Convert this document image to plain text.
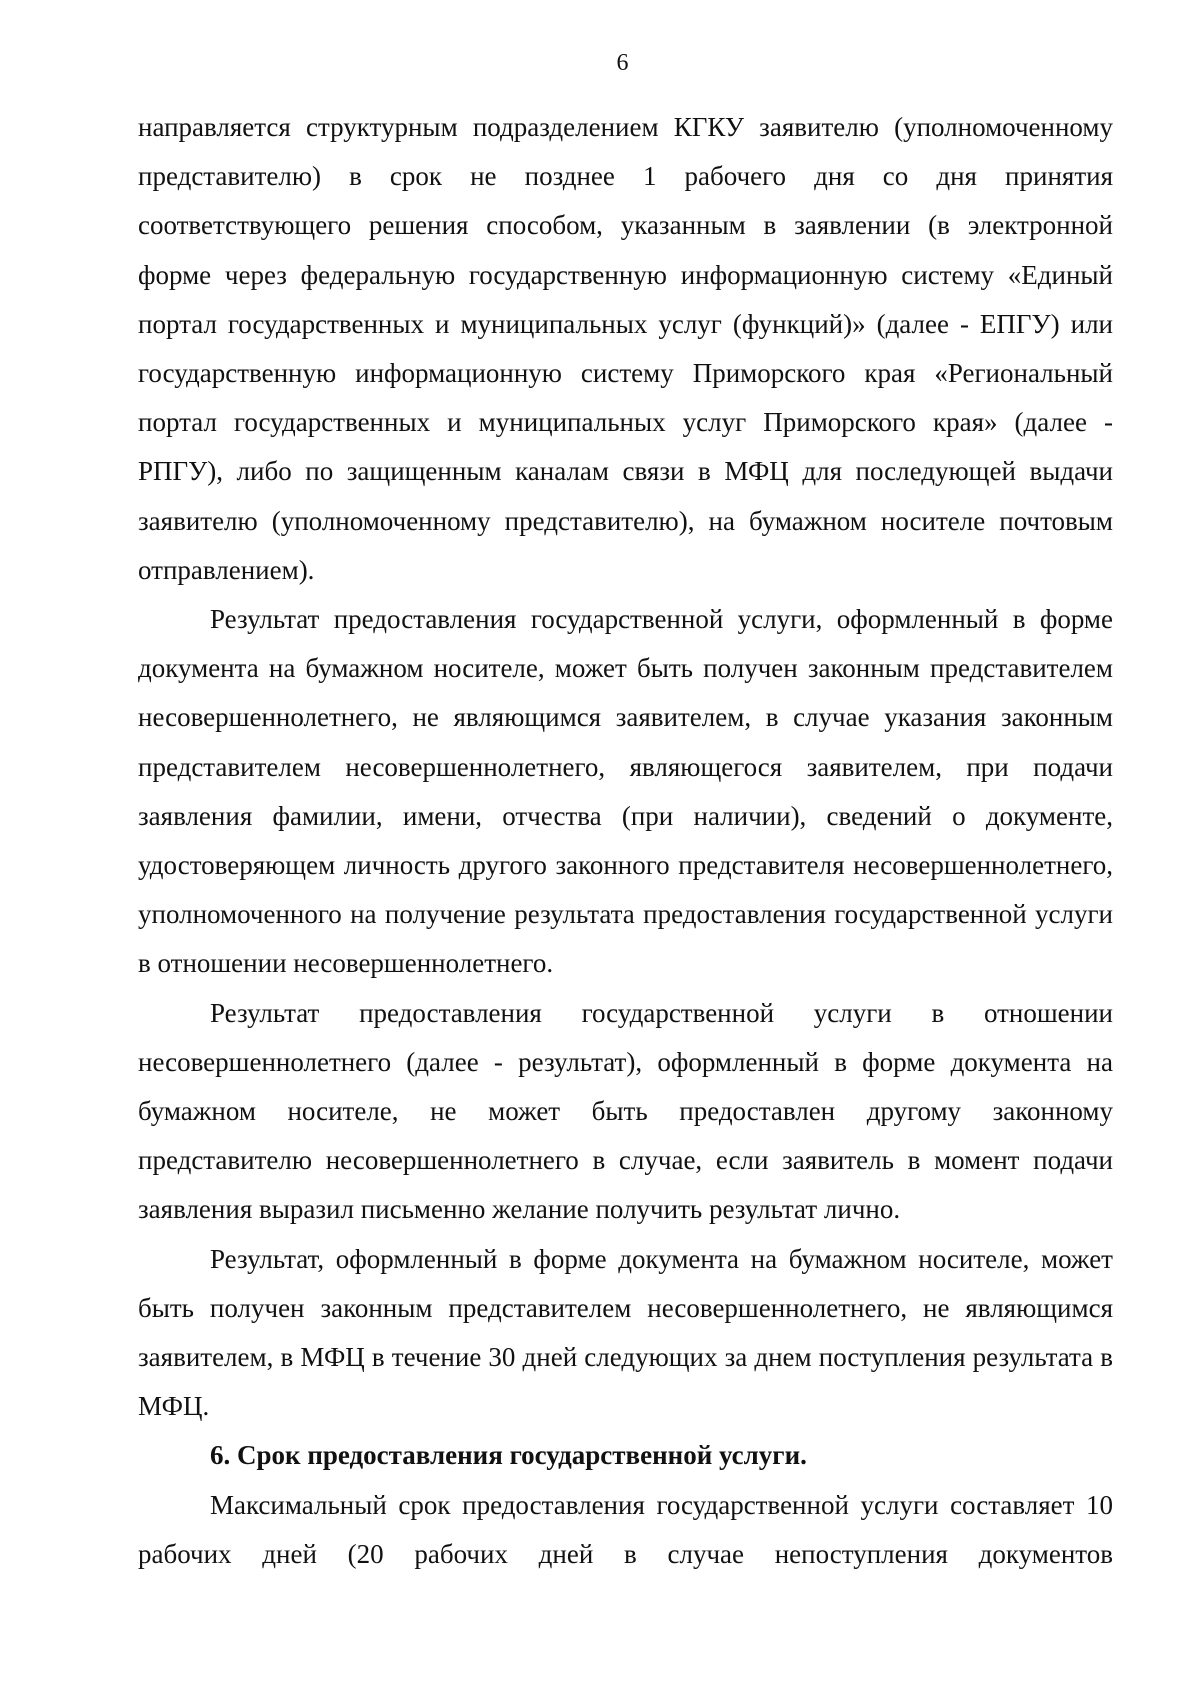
6

направляется структурным подразделением КГКУ заявителю (уполномоченному представителю) в срок не позднее 1 рабочего дня со дня принятия соответствующего решения способом, указанным в заявлении (в электронной форме через федеральную государственную информационную систему «Единый портал государственных и муниципальных услуг (функций)» (далее - ЕПГУ) или государственную информационную систему Приморского края «Региональный портал государственных и муниципальных услуг Приморского края» (далее - РПГУ), либо по защищенным каналам связи в МФЦ для последующей выдачи заявителю (уполномоченному представителю), на бумажном носителе почтовым отправлением).

Результат предоставления государственной услуги, оформленный в форме документа на бумажном носителе, может быть получен законным представителем несовершеннолетнего, не являющимся заявителем, в случае указания законным представителем несовершеннолетнего, являющегося заявителем, при подачи заявления фамилии, имени, отчества (при наличии), сведений о документе, удостоверяющем личность другого законного представителя несовершеннолетнего, уполномоченного на получение результата предоставления государственной услуги в отношении несовершеннолетнего.

Результат предоставления государственной услуги в отношении несовершеннолетнего (далее - результат), оформленный в форме документа на бумажном носителе, не может быть предоставлен другому законному представителю несовершеннолетнего в случае, если заявитель в момент подачи заявления выразил письменно желание получить результат лично.

Результат, оформленный в форме документа на бумажном носителе, может быть получен законным представителем несовершеннолетнего, не являющимся заявителем, в МФЦ в течение 30 дней следующих за днем поступления результата в МФЦ.

6. Срок предоставления государственной услуги.

Максимальный срок предоставления государственной услуги составляет 10 рабочих дней (20 рабочих дней в случае непоступления документов
